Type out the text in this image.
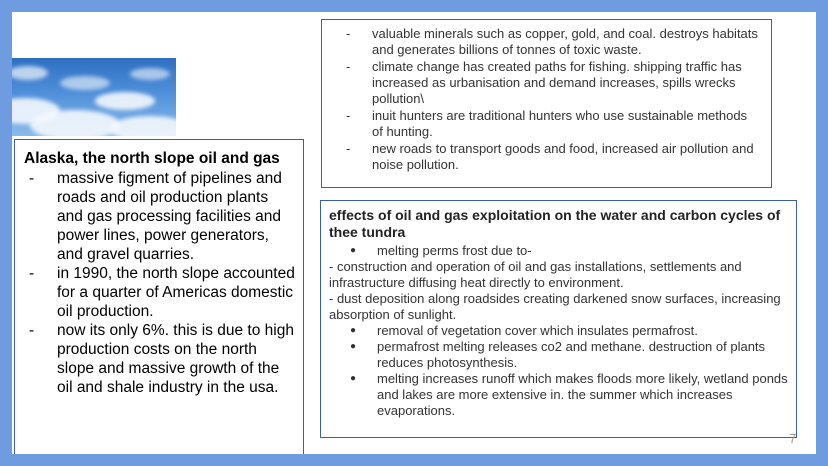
Alaska, the north slope oil and gas
- massive figment of pipelines and roads and oil production plants and gas processing facilities and power lines, power generators, and gravel quarries.
- in 1990, the north slope accounted for a quarter of Americas domestic oil production.
- now its only 6%. this is due to high production costs on the north slope and massive growth of the oil and shale industry in the usa.
- valuable minerals such as copper, gold, and coal. destroys habitats and generates billions of tonnes of toxic waste.
- climate change has created paths for fishing. shipping traffic has increased as urbanisation and demand increases, spills wrecks pollution\
- inuit hunters are traditional hunters who use sustainable methods of hunting.
- new roads to transport goods and food, increased air pollution and noise pollution.
effects of oil and gas exploitation on the water and carbon cycles of thee tundra
● melting perms frost due to-
- construction and operation of oil and gas installations, settlements and infrastructure diffusing heat directly to environment.
- dust deposition along roadsides creating darkened snow surfaces, increasing absorption of sunlight.
● removal of vegetation cover which insulates permafrost.
● permafrost melting releases co2 and methane. destruction of plants reduces photosynthesis.
● melting increases runoff which makes floods more likely, wetland ponds and lakes are more extensive in. the summer which increases evaporations.
7
